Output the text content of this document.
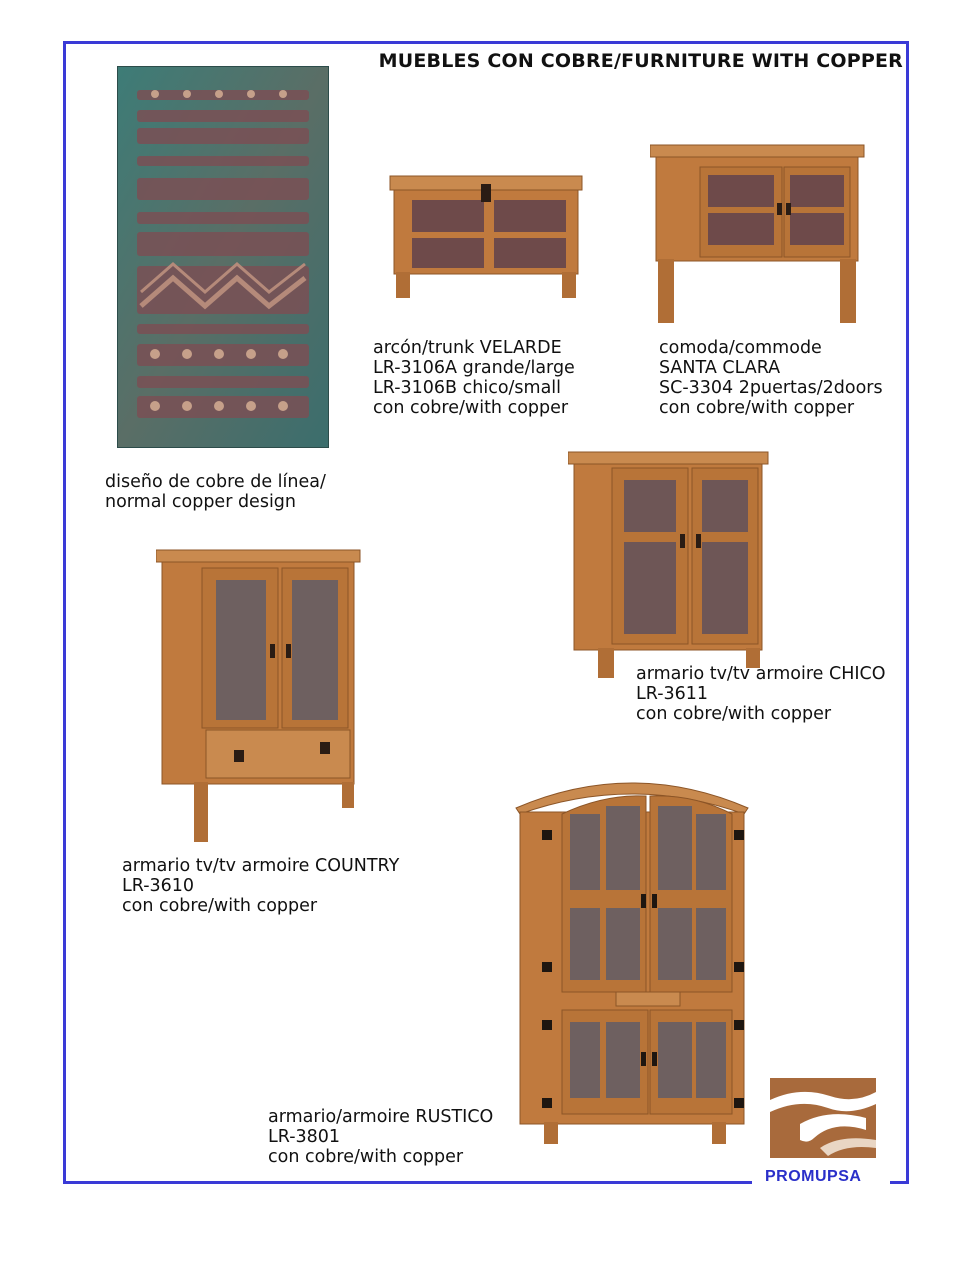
MUEBLES CON COBRE/FURNITURE WITH COPPER
diseño de cobre de línea/
normal copper design
arcón/trunk VELARDE
LR-3106A grande/large
LR-3106B chico/small
con cobre/with copper
comoda/commode
SANTA CLARA
SC-3304 2puertas/2doors
con cobre/with copper
armario tv/tv armoire CHICO
LR-3611
con cobre/with copper
armario tv/tv armoire COUNTRY
LR-3610
con cobre/with copper
armario/armoire RUSTICO
LR-3801
con cobre/with copper
PROMUPSA
